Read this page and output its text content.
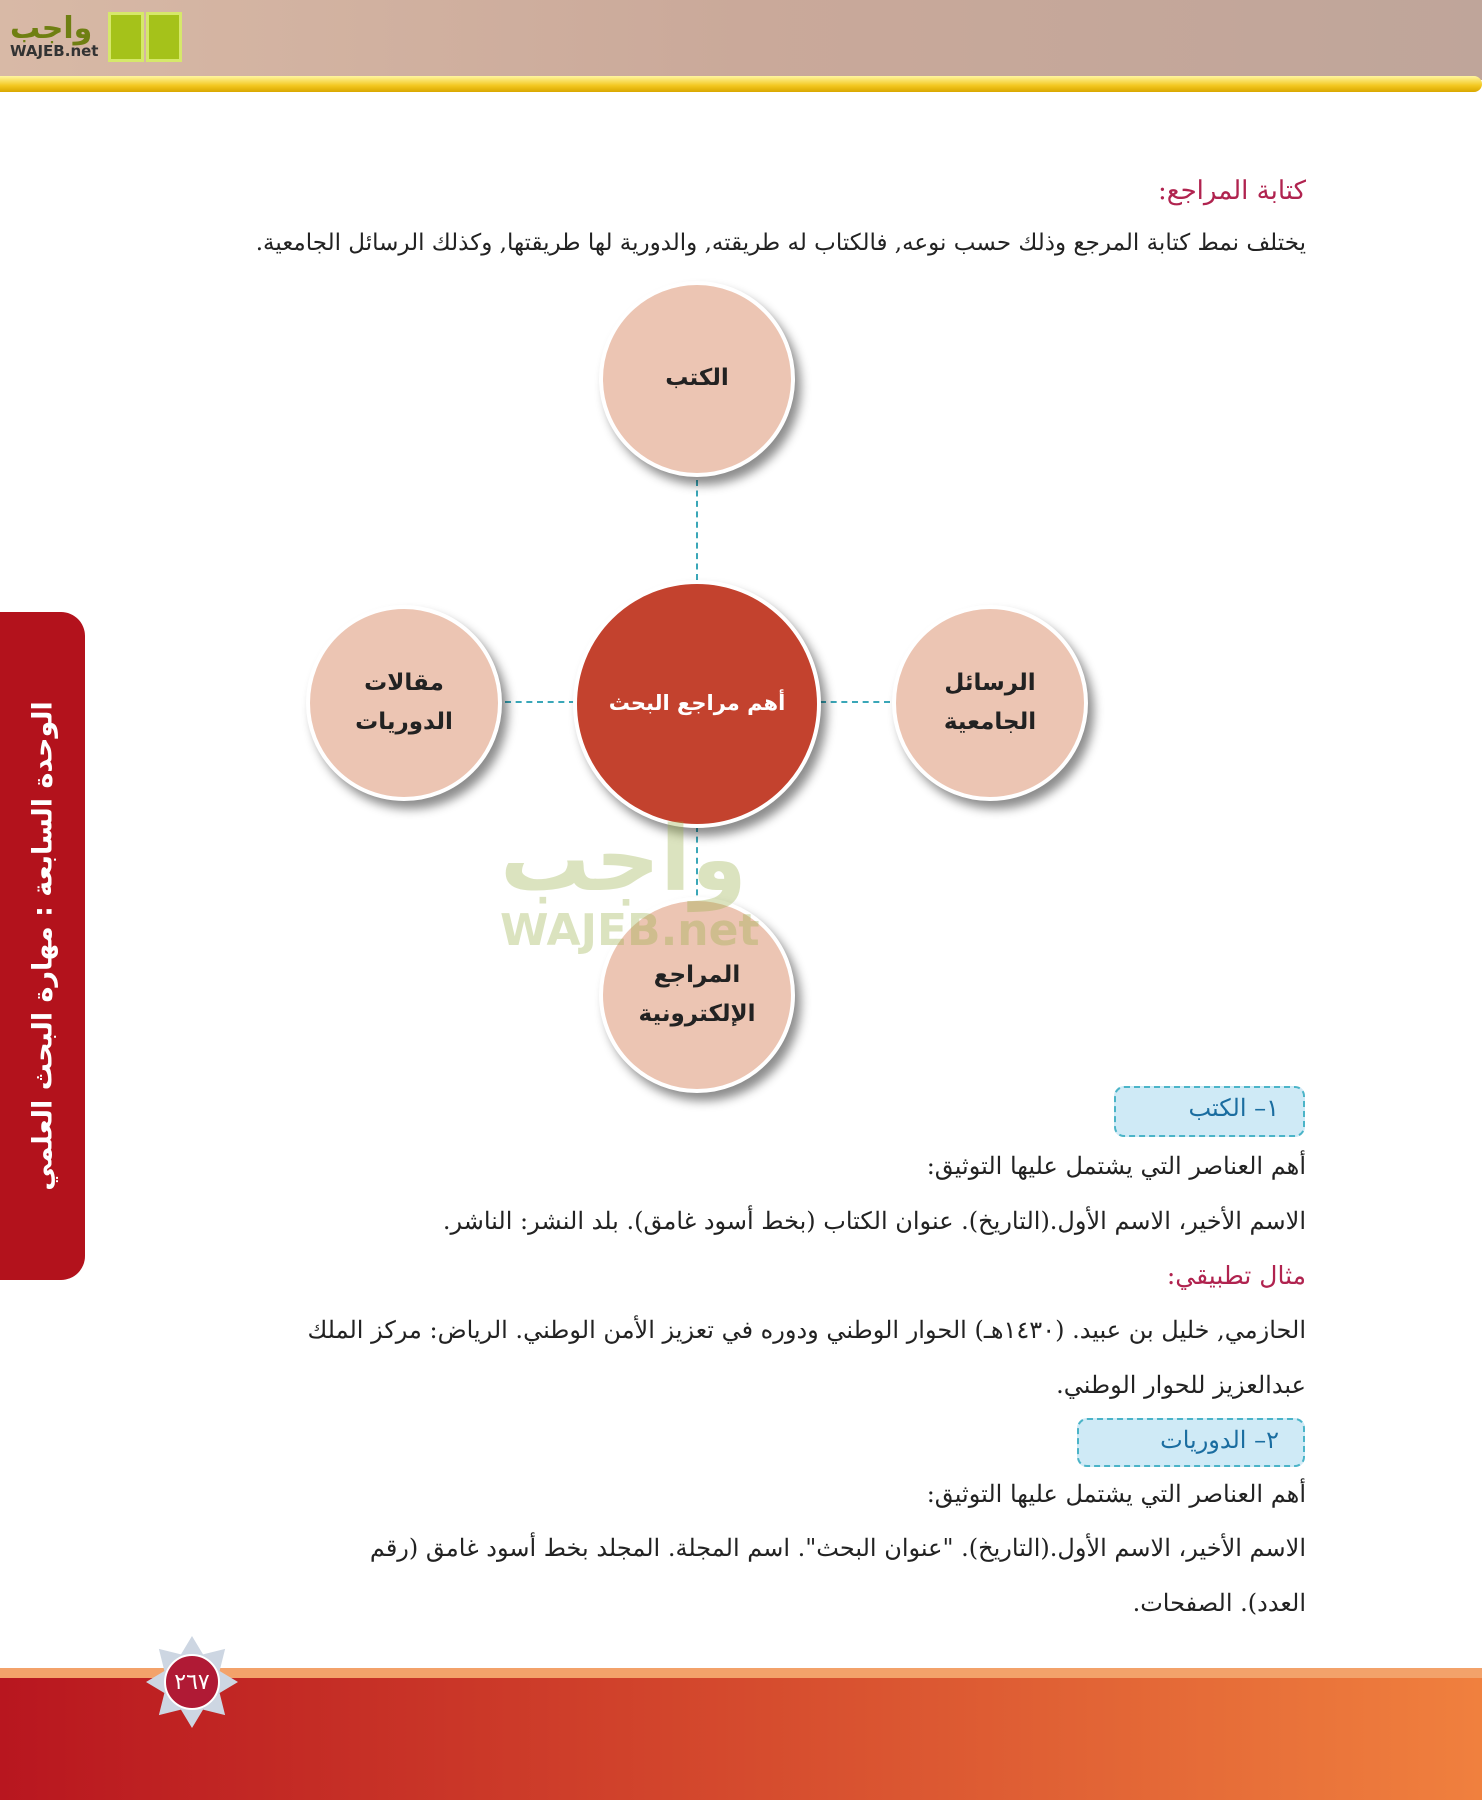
واجب
WAJEB.net
الوحدة السابعة : مهارة البحث العلمي
كتابة المراجع:
يختلف نمط كتابة المرجع وذلك حسب نوعه, فالكتاب له طريقته, والدورية لها طريقتها, وكذلك الرسائل الجامعية.
الكتب
مقالات الدوريات
الرسائل الجامعية
أهم مراجع البحث
المراجع الإلكترونية
واجب
WAJEB.net
١– الكتب
أهم العناصر التي يشتمل عليها التوثيق:
الاسم الأخير، الاسم الأول.(التاريخ). عنوان الكتاب (بخط أسود غامق). بلد النشر: الناشر.
مثال تطبيقي:
الحازمي, خليل بن عبيد. (١٤٣٠هـ) الحوار الوطني ودوره في تعزيز الأمن الوطني. الرياض: مركز الملك
عبدالعزيز للحوار الوطني.
٢– الدوريات
أهم العناصر التي يشتمل عليها التوثيق:
الاسم الأخير، الاسم الأول.(التاريخ). "عنوان البحث". اسم المجلة. المجلد بخط أسود غامق (رقم
العدد). الصفحات.
٢٦٧
